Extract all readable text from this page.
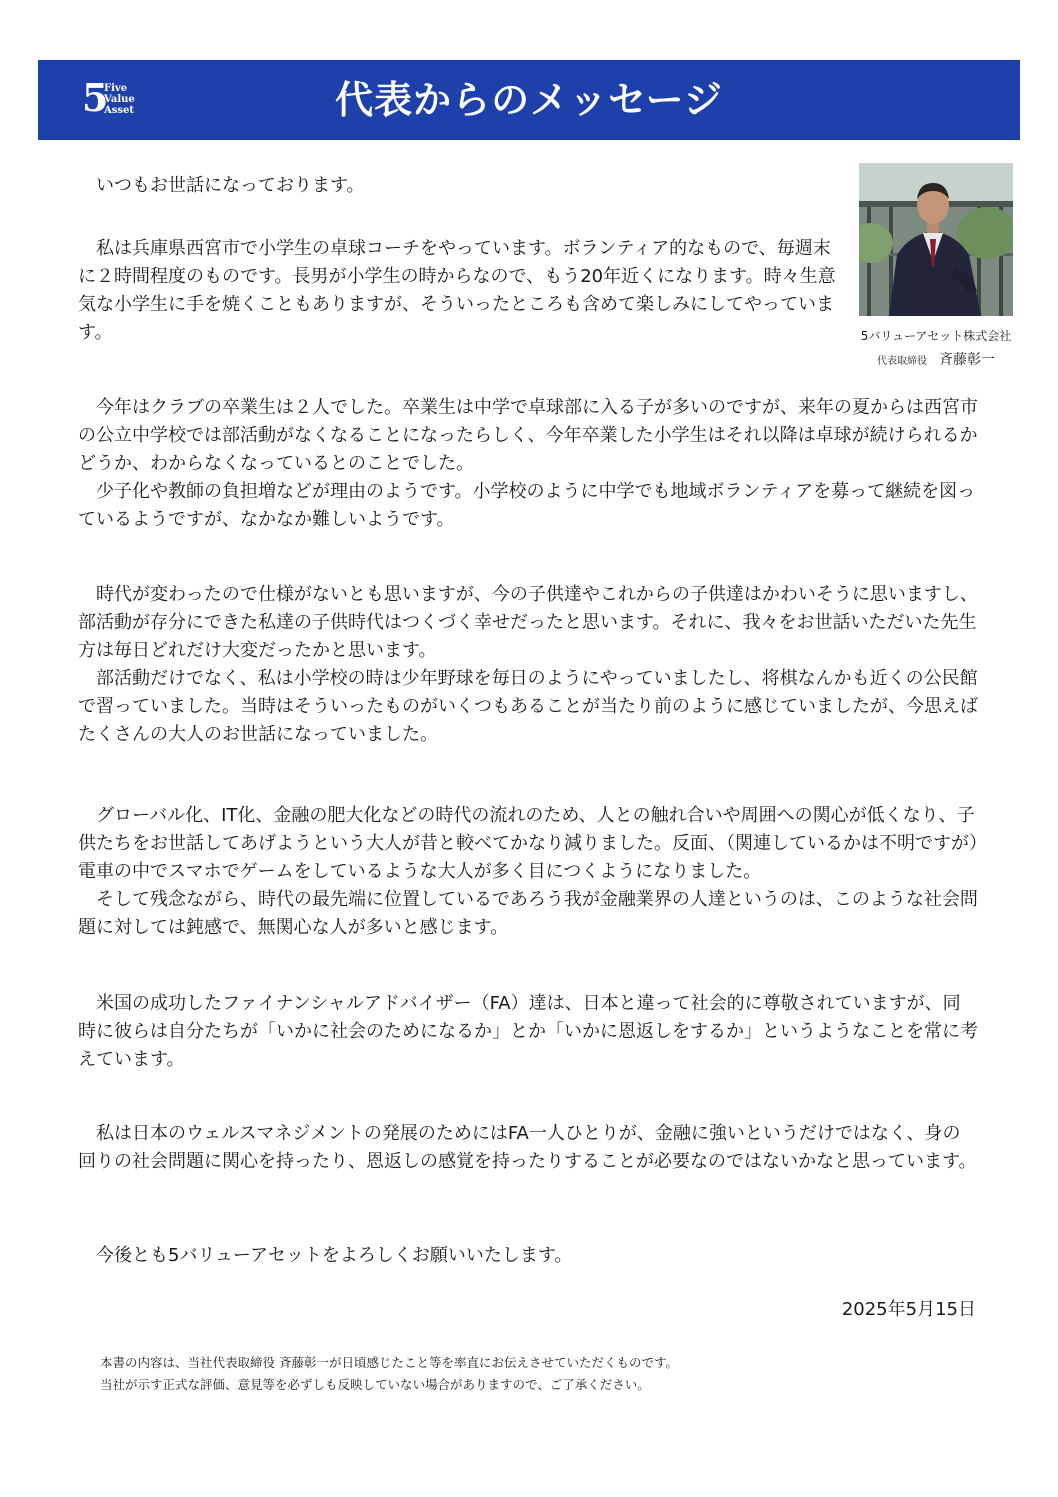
5
Five
Value
Asset	代表からのメッセージ
5バリューアセット株式会社
代表取締役 斉藤彰一

　いつもお世話になっております。

　私は兵庫県西宮市で小学生の卓球コーチをやっています。ボランティア的なもので、毎週末に２時間程度のものです。長男が小学生の時からなので、もう20年近くになります。時々生意気な小学生に手を焼くこともありますが、そういったところも含めて楽しみにしてやっています。

　今年はクラブの卒業生は２人でした。卒業生は中学で卓球部に入る子が多いのですが、来年の夏からは西宮市の公立中学校では部活動がなくなることになったらしく、今年卒業した小学生はそれ以降は卓球が続けられるかどうか、わからなくなっているとのことでした。
　少子化や教師の負担増などが理由のようです。小学校のように中学でも地域ボランティアを募って継続を図っているようですが、なかなか難しいようです。

　時代が変わったので仕様がないとも思いますが、今の子供達やこれからの子供達はかわいそうに思いますし、部活動が存分にできた私達の子供時代はつくづく幸せだったと思います。それに、我々をお世話いただいた先生方は毎日どれだけ大変だったかと思います。
　部活動だけでなく、私は小学校の時は少年野球を毎日のようにやっていましたし、将棋なんかも近くの公民館で習っていました。当時はそういったものがいくつもあることが当たり前のように感じていましたが、今思えばたくさんの大人のお世話になっていました。

　グローバル化、IT化、金融の肥大化などの時代の流れのため、人との触れ合いや周囲への関心が低くなり、子供たちをお世話してあげようという大人が昔と較べてかなり減りました。反面、（関連しているかは不明ですが）電車の中でスマホでゲームをしているような大人が多く目につくようになりました。
　そして残念ながら、時代の最先端に位置しているであろう我が金融業界の人達というのは、このような社会問題に対しては鈍感で、無関心な人が多いと感じます。

　米国の成功したファイナンシャルアドバイザー（FA）達は、日本と違って社会的に尊敬されていますが、同時に彼らは自分たちが「いかに社会のためになるか」とか「いかに恩返しをするか」というようなことを常に考えています。

　私は日本のウェルスマネジメントの発展のためにはFA一人ひとりが、金融に強いというだけではなく、身の回りの社会問題に関心を持ったり、恩返しの感覚を持ったりすることが必要なのではないかなと思っています。

　今後とも5バリューアセットをよろしくお願いいたします。

2025年5月15日
本書の内容は、当社代表取締役 斉藤彰一が日頃感じたこと等を率直にお伝えさせていただくものです。
当社が示す正式な評価、意見等を必ずしも反映していない場合がありますので、ご了承ください。
